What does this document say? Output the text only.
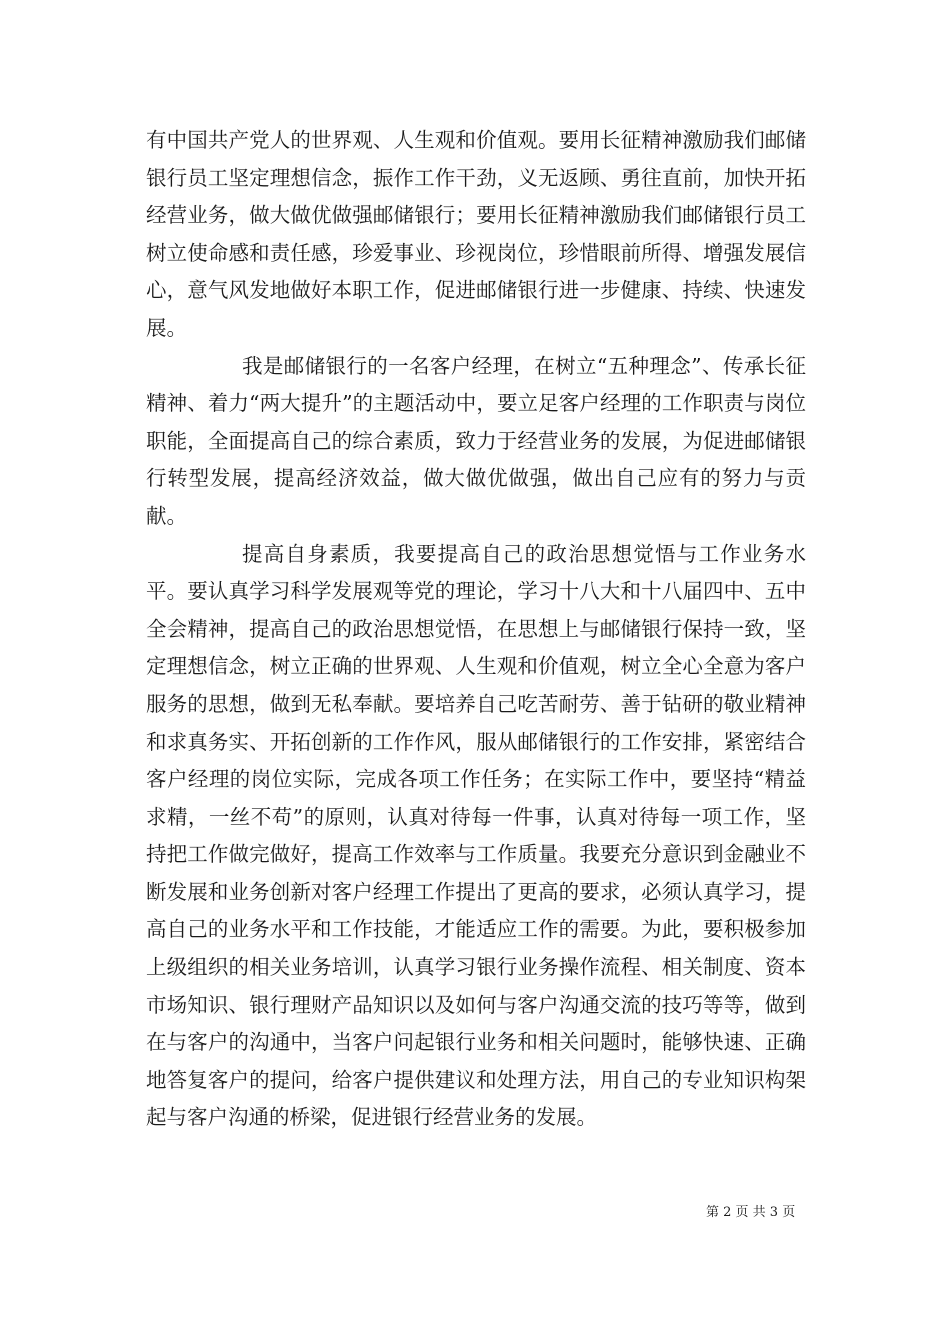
有中国共产党人的世界观、人生观和价值观。要用长征精神激励我们邮储银行员工坚定理想信念，振作工作干劲，义无返顾、勇往直前，加快开拓经营业务，做大做优做强邮储银行；要用长征精神激励我们邮储银行员工树立使命感和责任感，珍爱事业、珍视岗位，珍惜眼前所得、增强发展信心，意气风发地做好本职工作，促进邮储银行进一步健康、持续、快速发展。

我是邮储银行的一名客户经理，在树立“五种理念”、传承长征精神、着力“两大提升”的主题活动中，要立足客户经理的工作职责与岗位职能，全面提高自己的综合素质，致力于经营业务的发展，为促进邮储银行转型发展，提高经济效益，做大做优做强，做出自己应有的努力与贡献。

提高自身素质，我要提高自己的政治思想觉悟与工作业务水平。要认真学习科学发展观等党的理论，学习十八大和十八届四中、五中全会精神，提高自己的政治思想觉悟，在思想上与邮储银行保持一致，坚定理想信念，树立正确的世界观、人生观和价值观，树立全心全意为客户服务的思想，做到无私奉献。要培养自己吃苦耐劳、善于钻研的敬业精神和求真务实、开拓创新的工作作风，服从邮储银行的工作安排，紧密结合客户经理的岗位实际，完成各项工作任务；在实际工作中，要坚持“精益求精，一丝不苟”的原则，认真对待每一件事，认真对待每一项工作，坚持把工作做完做好，提高工作效率与工作质量。我要充分意识到金融业不断发展和业务创新对客户经理工作提出了更高的要求，必须认真学习，提高自己的业务水平和工作技能，才能适应工作的需要。为此，要积极参加上级组织的相关业务培训，认真学习银行业务操作流程、相关制度、资本市场知识、银行理财产品知识以及如何与客户沟通交流的技巧等等，做到在与客户的沟通中，当客户问起银行业务和相关问题时，能够快速、正确地答复客户的提问，给客户提供建议和处理方法，用自己的专业知识构架起与客户沟通的桥梁，促进银行经营业务的发展。

第 2 页 共 3 页
